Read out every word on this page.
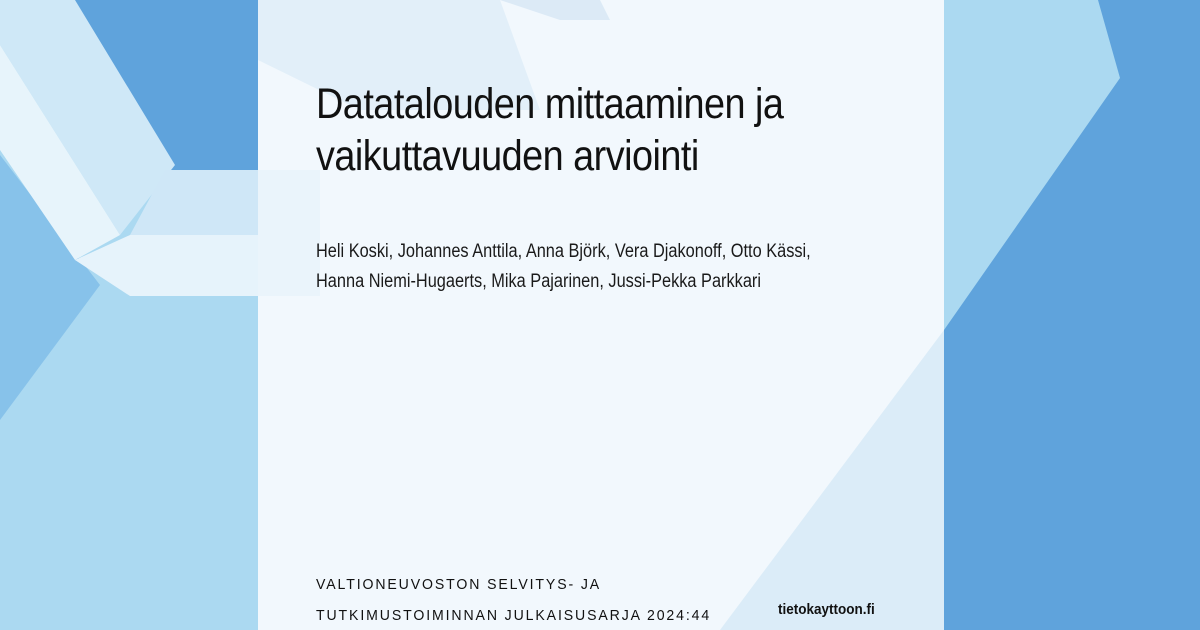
Datatalouden mittaaminen ja
vaikuttavuuden arviointi
Heli Koski, Johannes Anttila, Anna Björk, Vera Djakonoff, Otto Kässi,
Hanna Niemi-Hugaerts, Mika Pajarinen, Jussi-Pekka Parkkari
VALTIONEUVOSTON SELVITYS- JA
TUTKIMUSTOIMINNAN JULKAISUSARJA 2024:44	tietokayttoon.fi
